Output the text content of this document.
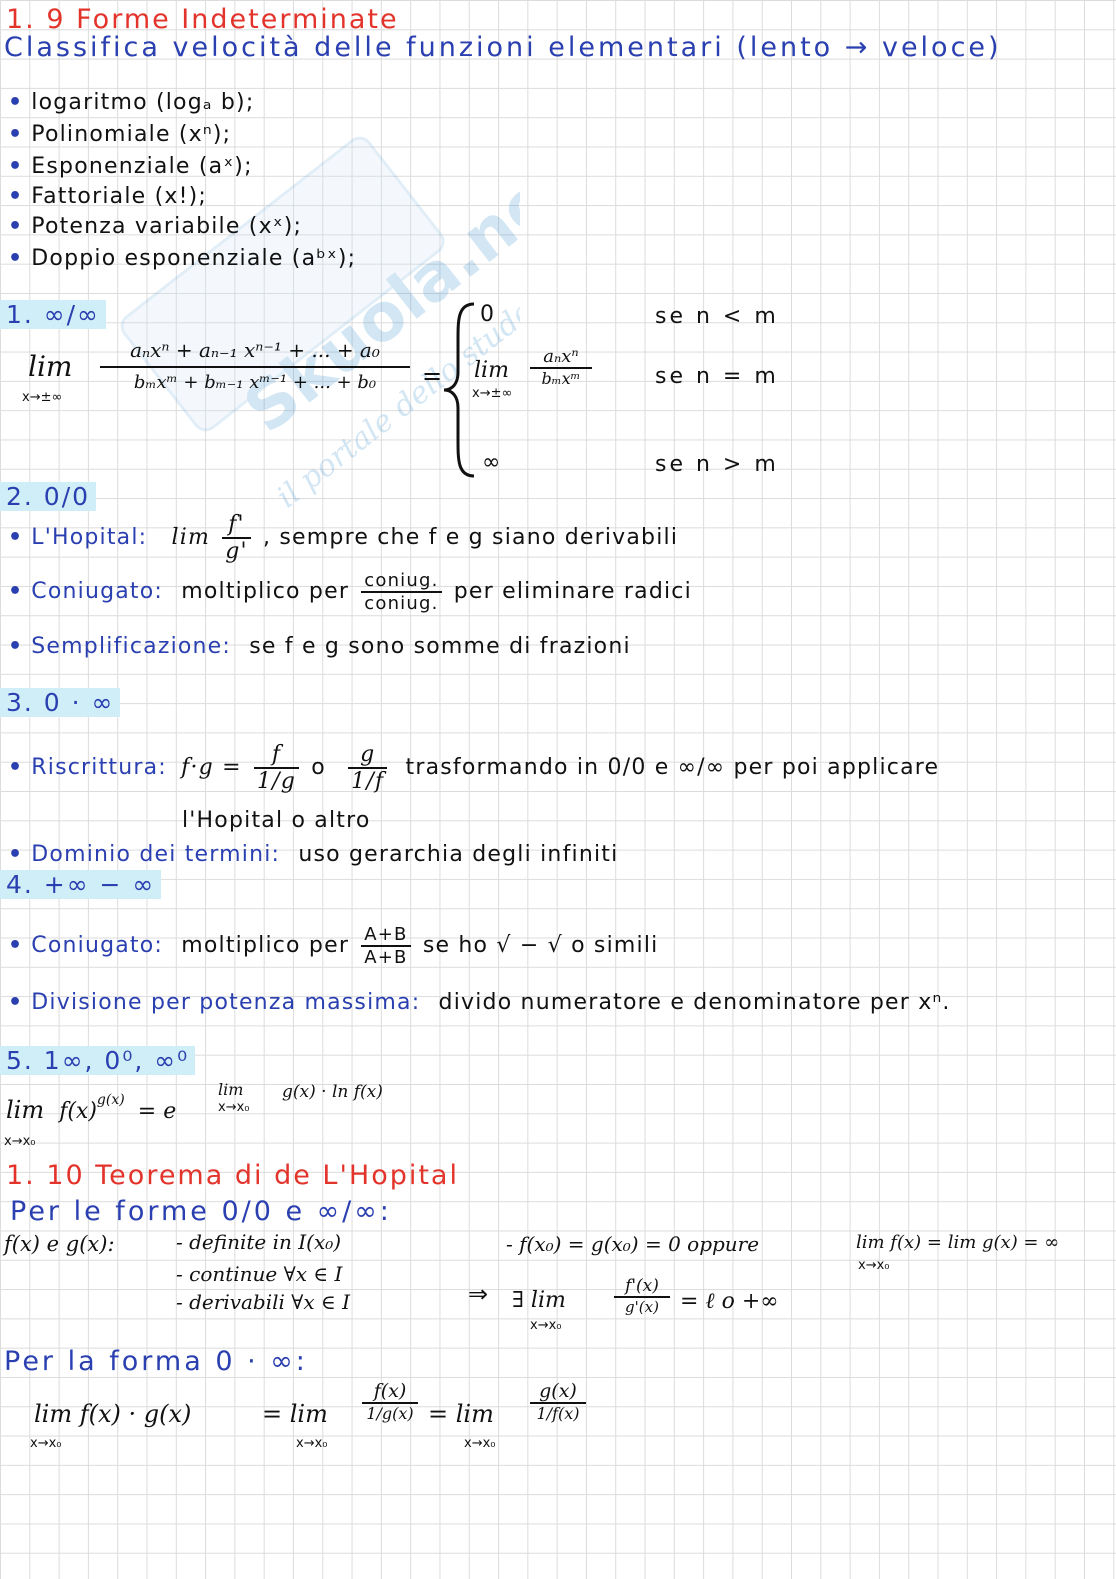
Skuola.net
il portale dello studente
1. 9 Forme Indeterminate
Classifica velocità delle funzioni elementari (lento → veloce)
• logaritmo (logₐ b);
• Polinomiale (xⁿ);
• Esponenziale (aˣ);
• Fattoriale (x!);
• Potenza variabile (xˣ);
• Doppio esponenziale (aᵇˣ);
1. ∞/∞
lim
x→±∞
aₙxⁿ + aₙ₋₁ xⁿ⁻¹ + ... + a₀
bₘxᵐ + bₘ₋₁ xᵐ⁻¹ + ... + b₀	=
0	se n < m
lim
x→±∞
aₙxⁿ
bₘxᵐ	se n = m
∞	se n > m
2. 0/0
• L'Hopital: $\lim \frac{f'}{g'}$ , sempre che f e g siano derivabili
• Coniugato: moltiplico per $\frac{\text{coniug.}}{\text{coniug.}}$ per eliminare radici
• Semplificazione: se f e g sono somme di frazioni
3. 0 · ∞
• Riscrittura: $f\cdot g = \frac{f}{1/g}$ o $\frac{g}{1/f}$ trasformando in 0/0 e ∞/∞ per poi applicare
l'Hopital o altro
• Dominio dei termini: uso gerarchia degli infiniti
4. +∞ − ∞
• Coniugato: moltiplico per $\frac{A+B}{A+B}$ se ho √ − √ o simili
• Divisione per potenza massima: divido numeratore e denominatore per xⁿ.
5. 1∞, 0⁰, ∞⁰
lim f(x)g(x) = e
x→x₀
lim
x→x₀
g(x) · ln f(x)
1. 10 Teorema di de L'Hopital
Per le forme 0/0 e ∞/∞:
f(x) e g(x):	- definite in I(x₀)
- continue ∀x ∈ I
- derivabili ∀x ∈ I
- f(x₀) = g(x₀) = 0 oppure	lim f(x) = lim g(x) = ∞
x→x₀
⇒ ∃ lim
x→x₀
f'(x)
g'(x) = ℓ o +∞
Per la forma 0 · ∞:
lim f(x) · g(x)
x→x₀
= lim
x→x₀
f(x)
1/g(x) = lim
x→x₀
g(x)
1/f(x)
